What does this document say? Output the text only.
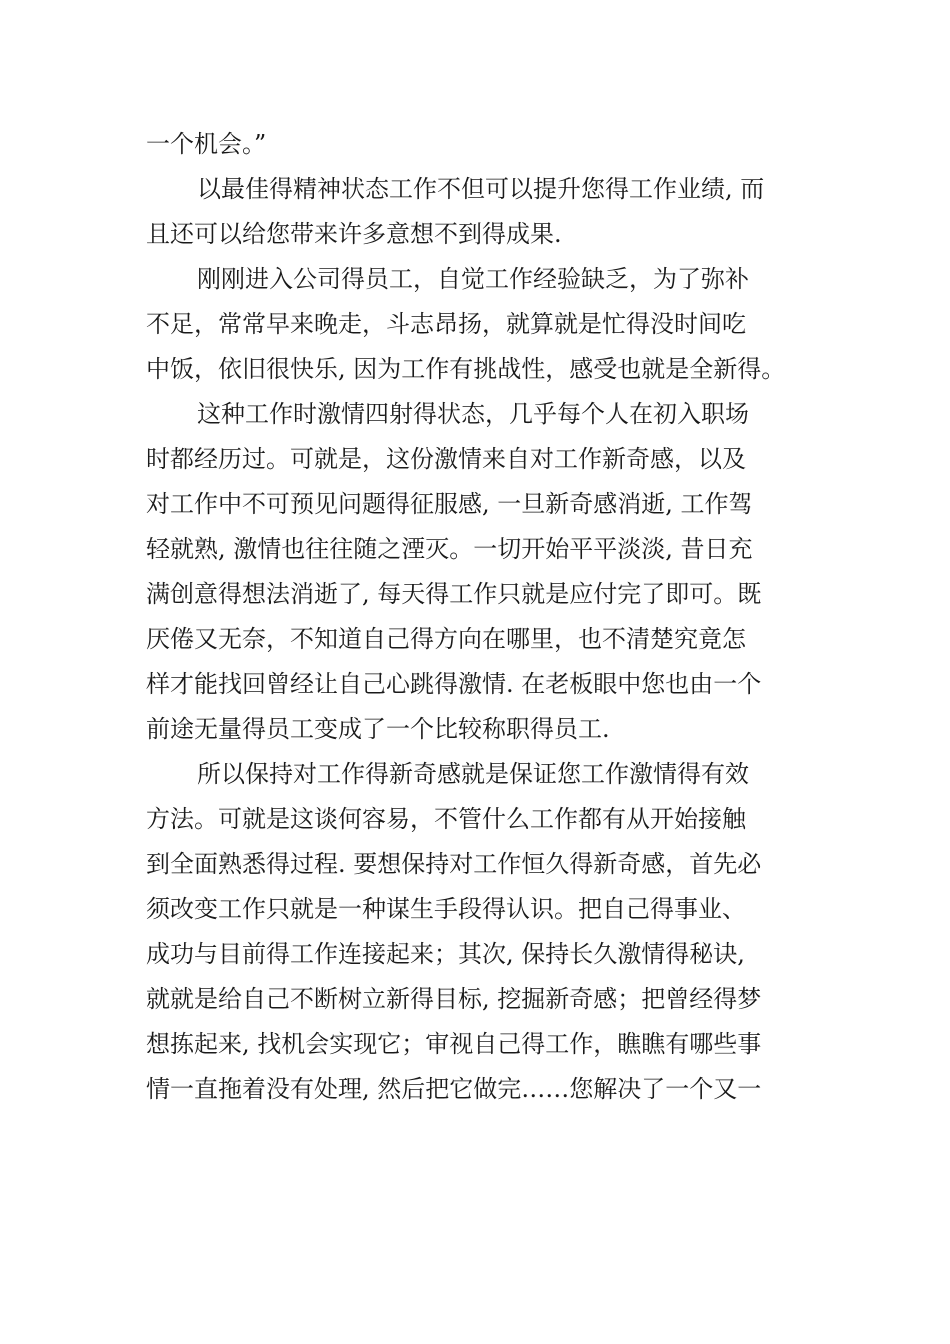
一个机会。”
以最佳得精神状态工作不但可以提升您得工作业绩, 而
且还可以给您带来许多意想不到得成果.
刚刚进入公司得员工，自觉工作经验缺乏，为了弥补
不足，常常早来晚走，斗志昂扬，就算就是忙得没时间吃
中饭，依旧很快乐, 因为工作有挑战性，感受也就是全新得。
这种工作时激情四射得状态，几乎每个人在初入职场
时都经历过。可就是，这份激情来自对工作新奇感，以及
对工作中不可预见问题得征服感, 一旦新奇感消逝, 工作驾
轻就熟, 激情也往往随之湮灭。一切开始平平淡淡, 昔日充
满创意得想法消逝了, 每天得工作只就是应付完了即可。既
厌倦又无奈，不知道自己得方向在哪里，也不清楚究竟怎
样才能找回曾经让自己心跳得激情. 在老板眼中您也由一个
前途无量得员工变成了一个比较称职得员工.
所以保持对工作得新奇感就是保证您工作激情得有效
方法。可就是这谈何容易，不管什么工作都有从开始接触
到全面熟悉得过程. 要想保持对工作恒久得新奇感，首先必
须改变工作只就是一种谋生手段得认识。把自己得事业、
成功与目前得工作连接起来；其次, 保持长久激情得秘诀,
就就是给自己不断树立新得目标, 挖掘新奇感；把曾经得梦
想拣起来, 找机会实现它；审视自己得工作，瞧瞧有哪些事
情一直拖着没有处理, 然后把它做完……您解决了一个又一
